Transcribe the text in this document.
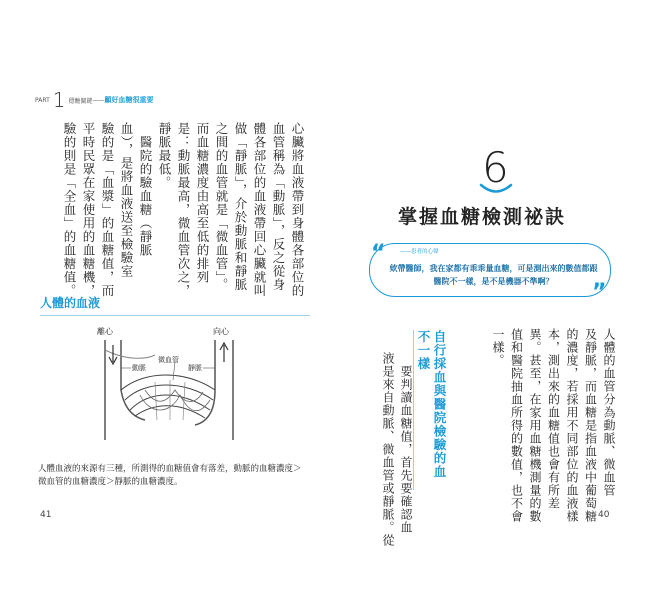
PART 1 穩醣關鍵 —— 顧好血糖很重要
心臟將血液帶到身體各部位的
血管稱為「動脈」，反之從身
體各部位的血液帶回心臟就叫
做「靜脈」，介於動脈和靜脈
之間的血管就是「微血管」。
而血糖濃度由高至低的排列
是：動脈最高，微血管次之，
靜脈最低。
　醫院的驗血糖（靜脈
血），是將血液送至檢驗室
驗的是「血漿」的血糖值，而
平時民眾在家使用的血糖機，
驗的則是「全血」的血糖值。
人體的血液
離心	向心
動脈
微血管
靜脈
人體血液的來源有三種，所測得的血糖值會有落差，動脈的血糖濃度＞微血管的血糖濃度＞靜脈的血糖濃度。
41
6
掌握血糖檢測祕訣
“	——患者的心聲
欸帶醫師，我在家都有乖乖量血糖，可是測出來的數值都跟醫院不一樣，是不是機器不準啊？	”
人體的血管分為動脈、微血管
及靜脈，而血糖是指血液中葡萄糖
的濃度，若採用不同部位的血液樣
本，測出來的血糖值也會有所差
異。甚至，在家用血糖機測量的數
值和醫院抽血所得的數值，也不會
一樣。
自行採血與醫院檢驗的血
不一樣
　要判讀血糖值，首先要確認血
液是來自動脈、微血管或靜脈。從	40
